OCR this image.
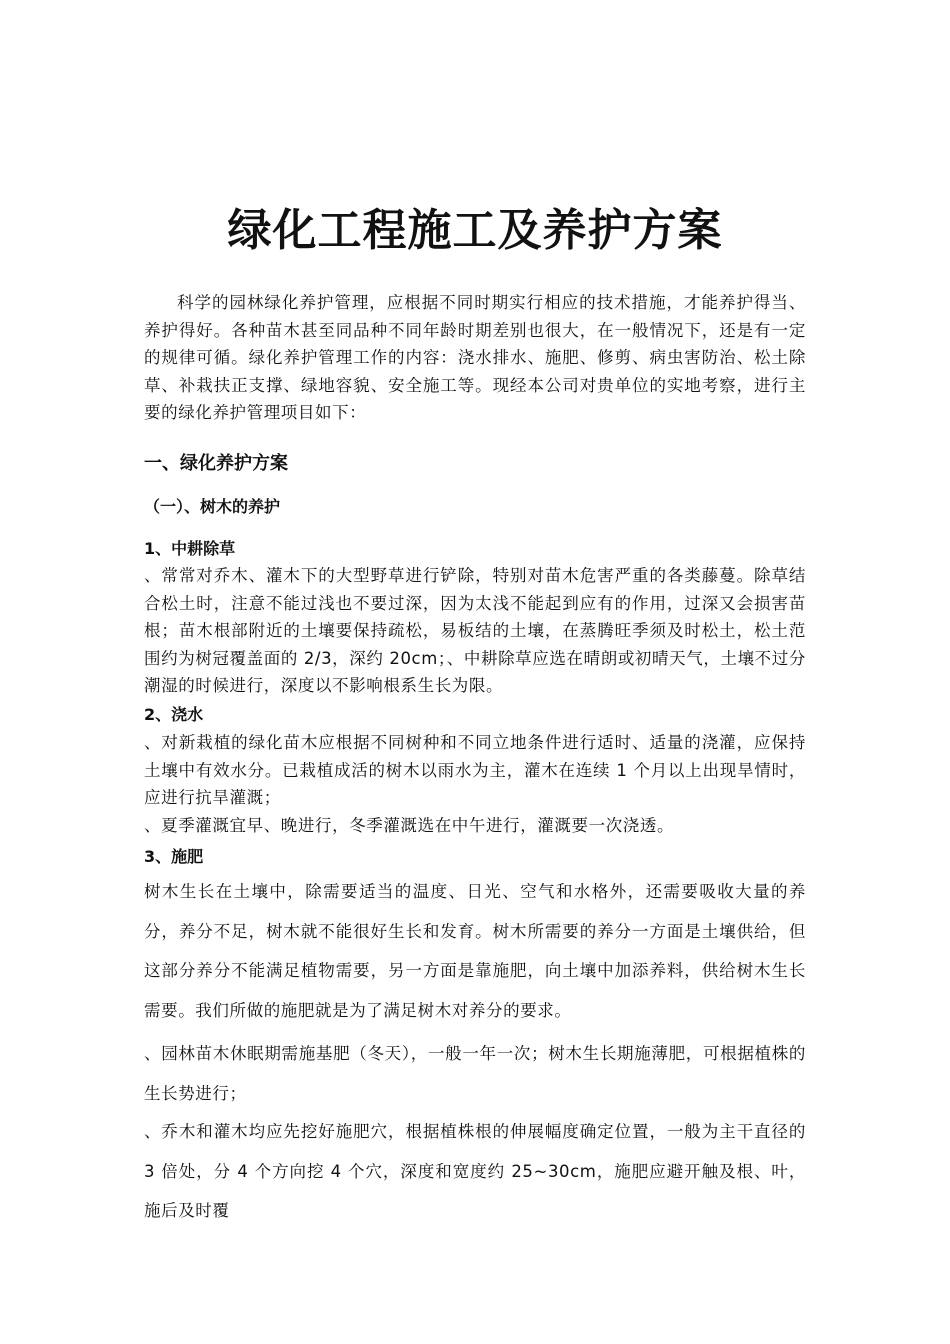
绿化工程施工及养护方案
科学的园林绿化养护管理，应根据不同时期实行相应的技术措施，才能养护得当、养护得好。各种苗木甚至同品种不同年龄时期差别也很大，在一般情况下，还是有一定的规律可循。绿化养护管理工作的内容：浇水排水、施肥、修剪、病虫害防治、松土除草、补栽扶正支撑、绿地容貌、安全施工等。现经本公司对贵单位的实地考察，进行主要的绿化养护管理项目如下：
一、绿化养护方案
（一）、树木的养护
1、中耕除草
、常常对乔木、灌木下的大型野草进行铲除，特别对苗木危害严重的各类藤蔓。除草结合松土时，注意不能过浅也不要过深，因为太浅不能起到应有的作用，过深又会损害苗根；苗木根部附近的土壤要保持疏松，易板结的土壤，在蒸腾旺季须及时松土，松土范围约为树冠覆盖面的 2/3，深约 20cm；、中耕除草应选在晴朗或初晴天气，土壤不过分潮湿的时候进行，深度以不影响根系生长为限。
2、浇水
、对新栽植的绿化苗木应根据不同树种和不同立地条件进行适时、适量的浇灌，应保持土壤中有效水分。已栽植成活的树木以雨水为主，灌木在连续 1 个月以上出现旱情时，应进行抗旱灌溉；
、夏季灌溉宜早、晚进行，冬季灌溉选在中午进行，灌溉要一次浇透。
3、施肥
树木生长在土壤中，除需要适当的温度、日光、空气和水格外，还需要吸收大量的养分，养分不足，树木就不能很好生长和发育。树木所需要的养分一方面是土壤供给，但这部分养分不能满足植物需要，另一方面是靠施肥，向土壤中加添养料，供给树木生长需要。我们所做的施肥就是为了满足树木对养分的要求。
、园林苗木休眠期需施基肥（冬天），一般一年一次；树木生长期施薄肥，可根据植株的生长势进行；
、乔木和灌木均应先挖好施肥穴，根据植株根的伸展幅度确定位置，一般为主干直径的 3 倍处，分 4 个方向挖 4 个穴，深度和宽度约 25~30cm，施肥应避开触及根、叶，施后及时覆
